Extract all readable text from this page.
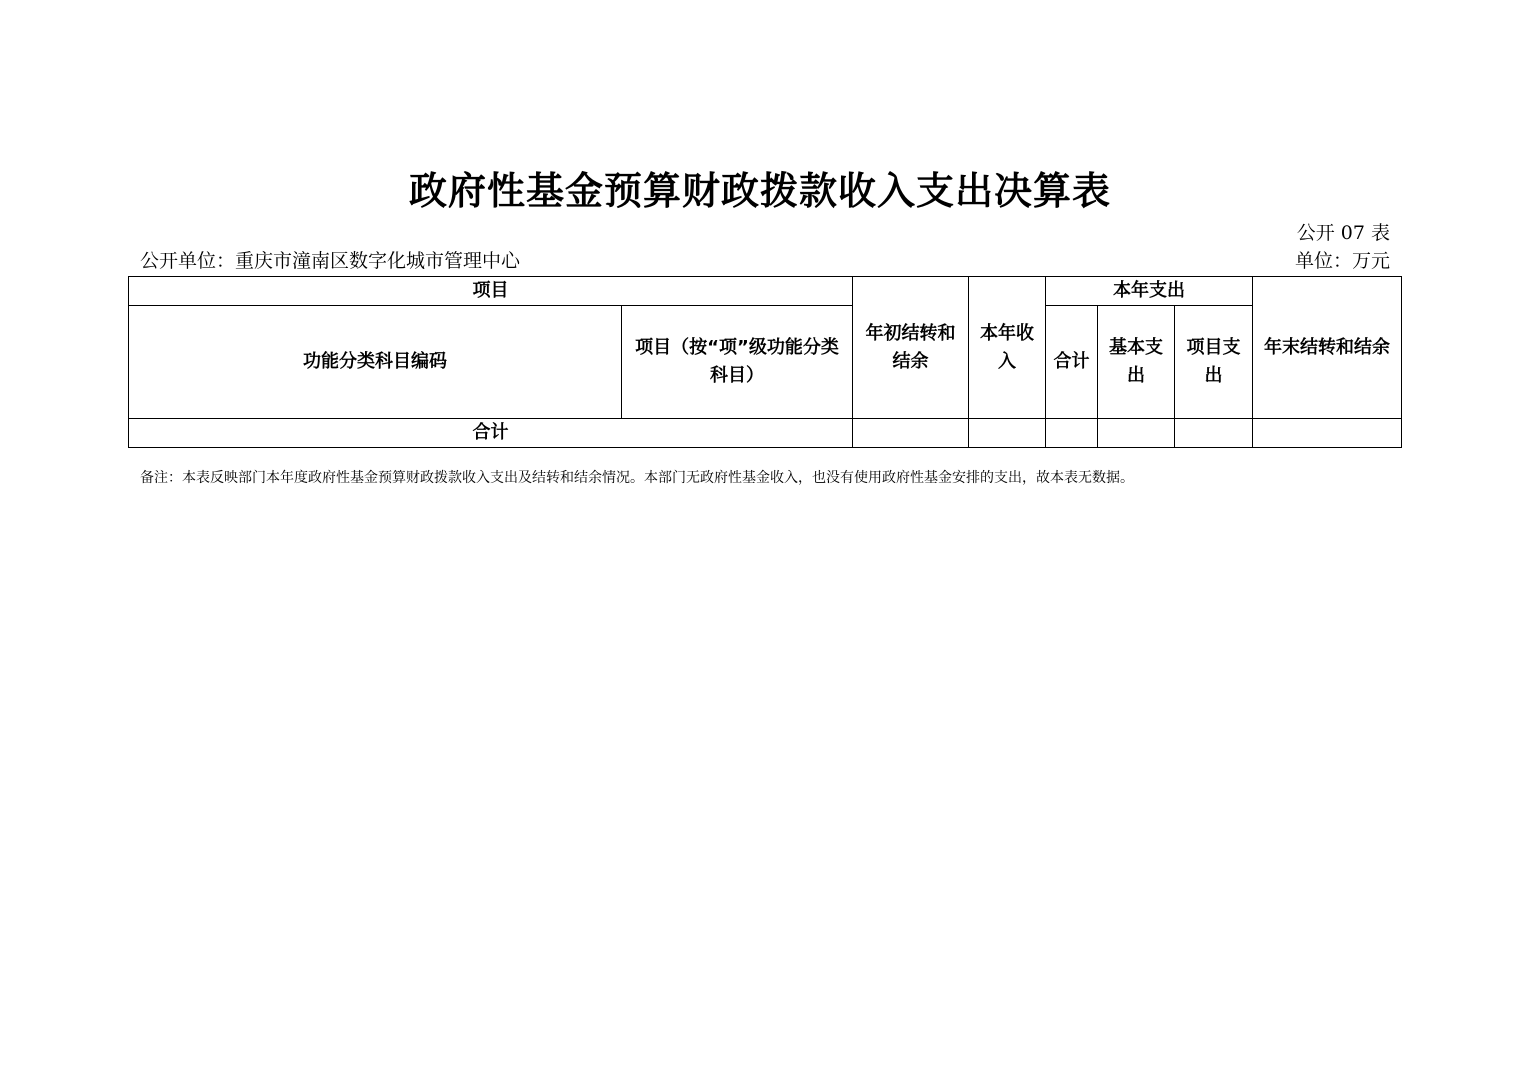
政府性基金预算财政拨款收入支出决算表
公开 07 表
公开单位：重庆市潼南区数字化城市管理中心	单位：万元
项目		年初结转和结余	本年收入	本年支出			年末结转和结余
功能分类科目编码	项目（按“项”级功能分类科目）			合计	基本支出	项目支出	
合计							
备注：本表反映部门本年度政府性基金预算财政拨款收入支出及结转和结余情况。本部门无政府性基金收入，也没有使用政府性基金安排的支出，故本表无数据。
